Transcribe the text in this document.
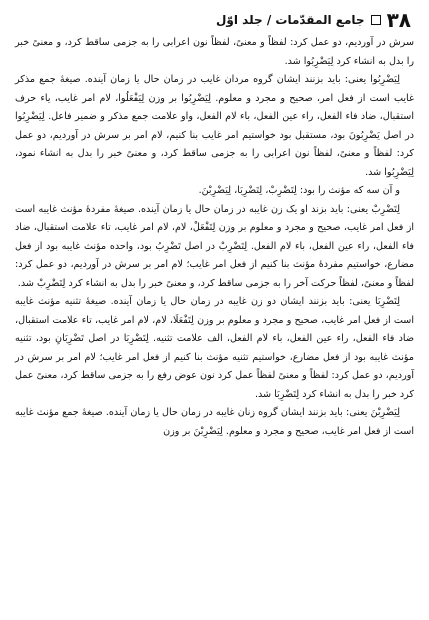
۳۸
جامع المقدّمات / جلد اوّل

سرش در آوردیم، دو عمل کرد: لفظاً و معنیً، لفظاً نون اعرابی را به جزمی ساقط کرد، و معنیً خبر را بدل به انشاء کرد لِیَضْرِبُوا شد.

لِیَضْرِبُوا یعنی: باید بزنند ایشان گروه مردان غایب در زمان حال یا زمان آینده. صیغهٔ جمع مذکر غایب است از فعل امر، صحیح و مجرد و معلوم. لِیَضْرِبُوا بر وزن لِیَفْعَلُوا، لام امر غایب، یاء حرف استقبال، ضاد فاء الفعل، راء عین الفعل، باء لام الفعل، واو علامت جمع مذکر و ضمیر فاعل. لِیَضْرِبُوا در اصل یَضْرِبُونَ بود، مستقبل بود خواستیم امر غایب بنا کنیم، لام امر بر سرش در آوردیم، دو عمل کرد: لفظاً و معنیً، لفظاً نون اعرابی را به جزمی ساقط کرد، و معنیً خبر را بدل به انشاء نمود، لِیَضْرِبُوا شد.

و آن سه که مؤنث را بود: لِتَضْرِبْ، لِتَضْرِبَا، لِیَضْرِبْنَ.

لِتَضْرِبْ یعنی: باید بزند او یک زن غایبه در زمان حال یا زمان آینده. صیغهٔ مفردهٔ مؤنث غایبه است از فعل امر غایب، صحیح و مجرد و معلوم بر وزن لِتَفْعَلْ، لام، لام امر غایب، تاء علامت استقبال، ضاد فاء الفعل، راء عین الفعل، باء لام الفعل. لِتَضْرِبْ در اصل تَضْرِبُ بود، واحده مؤنث غایبه بود از فعل مضارع، خواستیم مفردهٔ مؤنث بنا کنیم از فعل امر غایب؛ لام امر بر سرش در آوردیم، دو عمل کرد: لفظاً و معنیً، لفظاً حرکت آخر را به جزمی ساقط کرد، و معنیً خبر را بدل به انشاء کرد لِتَضْرِبْ شد.

لِتَضْرِبَا یعنی: باید بزنند ایشان دو زن غایبه در زمان حال یا زمان آینده. صیغهٔ تثنیه مؤنث غایبه است از فعل امر غایب، صحیح و مجرد و معلوم بر وزن لِتَفْعَلَا، لام، لام امر غایب، تاء علامت استقبال، ضاد فاء الفعل، راء عین الفعل، باء لام الفعل، الف علامت تثنیه. لِتَضْرِبَا در اصل تَضْرِبَانِ بود، تثنیه مؤنث غایبه بود از فعل مضارع، خواستیم تثنیه مؤنث بنا کنیم از فعل امر غایب؛ لام امر بر سرش در آوردیم، دو عمل کرد: لفظاً و معنیً لفظاً عمل کرد نون عوض رفع را به جزمی ساقط کرد، معنیً عمل کرد خبر را بدل به انشاء کرد لِتَضْرِبَا شد.

لِیَضْرِبْنَ یعنی: باید بزنند ایشان گروه زنان غایبه در زمان حال یا زمان آینده. صیغهٔ جمع مؤنث غایبه است از فعل امر غایب، صحیح و مجرد و معلوم. لِیَضْرِبْنَ بر وزن
